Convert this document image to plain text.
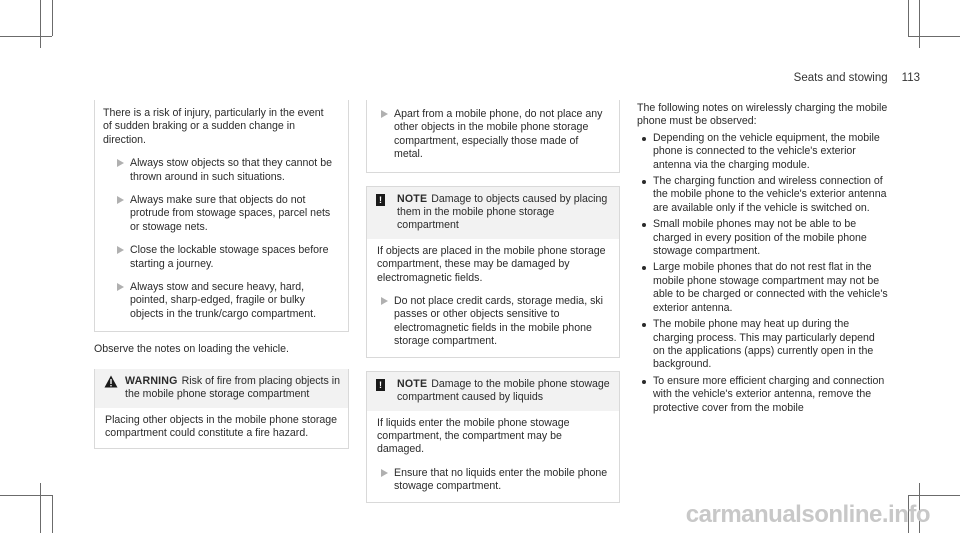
Seats and stowing 113

There is a risk of injury, particularly in the event of sudden braking or a sudden change in direction.

Always stow objects so that they cannot be thrown around in such situations.
Always make sure that objects do not protrude from stowage spaces, parcel nets or stowage nets.
Close the lockable stowage spaces before starting a journey.
Always stow and secure heavy, hard, pointed, sharp-edged, fragile or bulky objects in the trunk/cargo compartment.

Observe the notes on loading the vehicle.

WARNING Risk of fire from placing objects in the mobile phone storage compartment

Placing other objects in the mobile phone storage compartment could constitute a fire hazard.

Apart from a mobile phone, do not place any other objects in the mobile phone storage compartment, especially those made of metal.
! NOTE Damage to objects caused by placing them in the mobile phone storage compartment

If objects are placed in the mobile phone storage compartment, these may be damaged by electromagnetic fields.

Do not place credit cards, storage media, ski passes or other objects sensitive to electromagnetic fields in the mobile phone storage compartment.
! NOTE Damage to the mobile phone stowage compartment caused by liquids

If liquids enter the mobile phone stowage compartment, the compartment may be damaged.

Ensure that no liquids enter the mobile phone stowage compartment.

The following notes on wirelessly charging the mobile phone must be observed:

Depending on the vehicle equipment, the mobile phone is connected to the vehicle's exterior antenna via the charging module.
The charging function and wireless connection of the mobile phone to the vehicle's exterior antenna are available only if the vehicle is switched on.
Small mobile phones may not be able to be charged in every position of the mobile phone stowage compartment.
Large mobile phones that do not rest flat in the mobile phone stowage compartment may not be able to be charged or connected with the vehicle's exterior antenna.
The mobile phone may heat up during the charging process. This may particularly depend on the applications (apps) currently open in the background.
To ensure more efficient charging and connection with the vehicle's exterior antenna, remove the protective cover from the mobile
carmanualsonline.info
